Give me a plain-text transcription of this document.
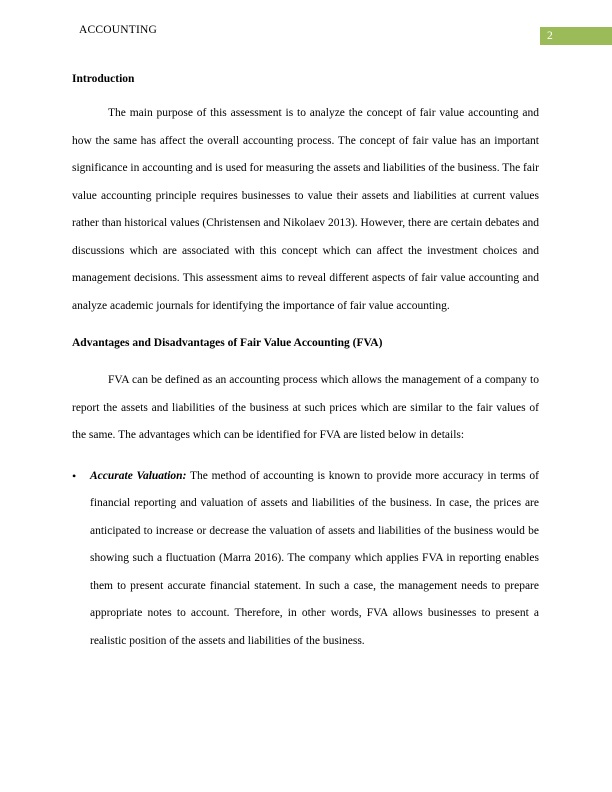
ACCOUNTING	2
Introduction

The main purpose of this assessment is to analyze the concept of fair value accounting and how the same has affect the overall accounting process. The concept of fair value has an important significance in accounting and is used for measuring the assets and liabilities of the business. The fair value accounting principle requires businesses to value their assets and liabilities at current values rather than historical values (Christensen and Nikolaev 2013). However, there are certain debates and discussions which are associated with this concept which can affect the investment choices and management decisions. This assessment aims to reveal different aspects of fair value accounting and analyze academic journals for identifying the importance of fair value accounting.

Advantages and Disadvantages of Fair Value Accounting (FVA)

FVA can be defined as an accounting process which allows the management of a company to report the assets and liabilities of the business at such prices which are similar to the fair values of the same. The advantages which can be identified for FVA are listed below in details:

• Accurate Valuation: The method of accounting is known to provide more accuracy in terms of financial reporting and valuation of assets and liabilities of the business. In case, the prices are anticipated to increase or decrease the valuation of assets and liabilities of the business would be showing such a fluctuation (Marra 2016). The company which applies FVA in reporting enables them to present accurate financial statement. In such a case, the management needs to prepare appropriate notes to account. Therefore, in other words, FVA allows businesses to present a realistic position of the assets and liabilities of the business.
